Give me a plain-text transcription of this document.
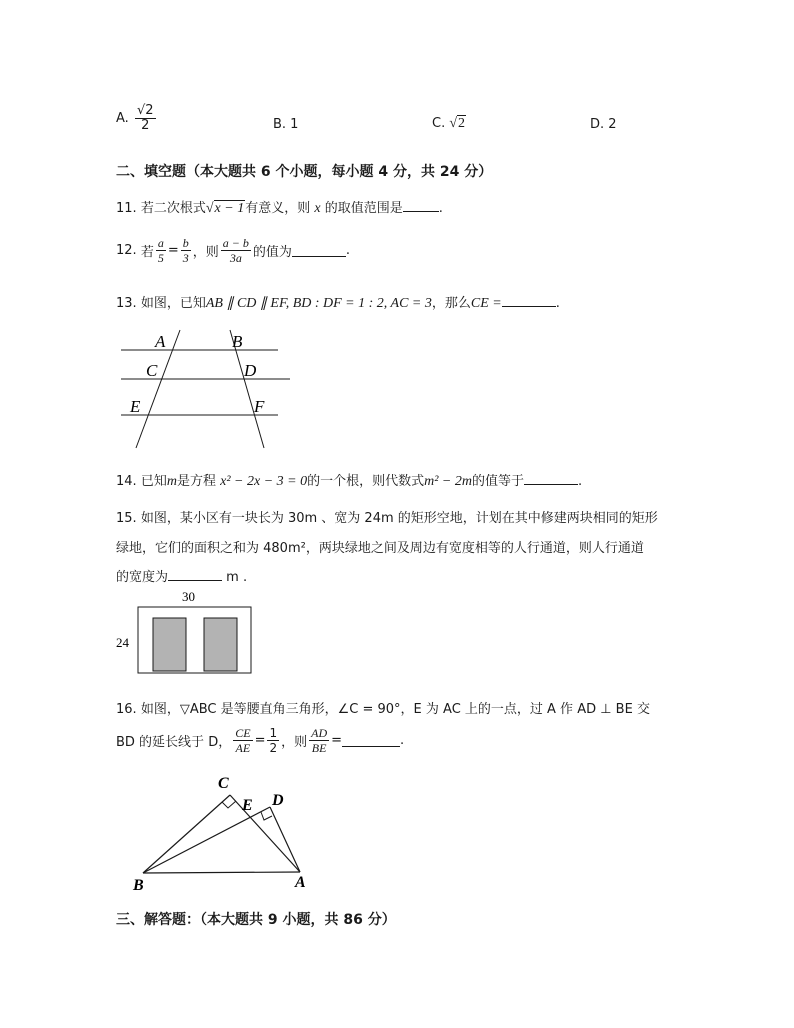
A. $\frac{√2}{2}$	B. 1	C. √2	D. 2
二、填空题（本大题共 6 个小题，每小题 4 分，共 24 分）
11. 若二次根式√x − 1有意义，则 x 的取值范围是	.
12. 若 $\frac{a}{5} = \frac{b}{3}$ ，则 $\frac{a - b}{3a}$ 的值为	.
13. 如图，已知AB ∥ CD ∥ EF, BD : DF = 1 : 2, AC = 3，那么CE =	.
A	B
C	D
E	F
14. 已知m是方程 x² − 2x − 3 = 0的一个根，则代数式m² − 2m的值等于	.
15. 如图，某小区有一块长为 30m 、宽为 24m 的矩形空地，计划在其中修建两块相同的矩形
绿地，它们的面积之和为 480m²，两块绿地之间及周边有宽度相等的人行通道，则人行通道
的宽度为	m .
30
24
16. 如图，▽ABC 是等腰直角三角形，∠C = 90°，E 为 AC 上的一点，过 A 作 AD ⊥ BE 交
BD 的延长线于 D， $\frac{CE}{AE} = \frac{1}{2}$ ，则 $\frac{AD}{BE}$ =	.
C
E D
B	A
三、解答题：（本大题共 9 小题，共 86 分）
